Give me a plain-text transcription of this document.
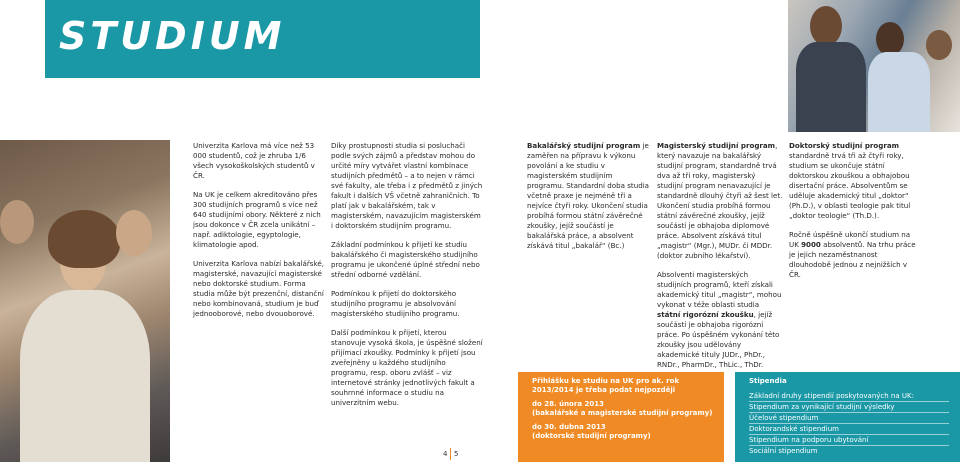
STUDIUM

Univerzita Karlova má více než 53 000 studentů, což je zhruba 1/6 všech vysokoškolských studentů v ČR.

Na UK je celkem akreditováno přes 300 studijních programů s více než 640 studijními obory. Některé z nich jsou dokonce v ČR zcela unikátní – např. adiktologie, egyptologie, klimatologie apod.

Univerzita Karlova nabízí bakalářské, magisterské, navazující magisterské nebo doktorské studium. Forma studia může být prezenční, distanční nebo kombinovaná, studium je buď jednooborové, nebo dvouoborové.

Díky prostupnosti studia si posluchači podle svých zájmů a představ mohou do určité míry vytvářet vlastní kombinace studijních předmětů – a to nejen v rámci své fakulty, ale třeba i z předmětů z jiných fakult i dalších VŠ včetně zahraničních. To platí jak v bakalářském, tak v magisterském, navazujícím magisterském i doktorském studijním programu.

Základní podmínkou k přijetí ke studiu bakalářského či magisterského studijního programu je ukončené úplné střední nebo střední odborné vzdělání.

Podmínkou k přijetí do doktorského studijního programu je absolvování magisterského studijního programu.

Další podmínkou k přijetí, kterou stanovuje vysoká škola, je úspěšné složení přijímací zkoušky. Podmínky k přijetí jsou zveřejněny u každého studijního programu, resp. oboru zvlášť – viz internetové stránky jednotlivých fakult a souhrnné informace o studiu na univerzitním webu.

Bakalářský studijní program je zaměřen na přípravu k výkonu povolání a ke studiu v magisterském studijním programu. Standardní doba studia včetně praxe je nejméně tři a nejvíce čtyři roky. Ukončení studia probíhá formou státní závěrečné zkoušky, jejíž součástí je bakalářská práce, a absolvent získává titul „bakalář“ (Bc.)

Magisterský studijní program, který navazuje na bakalářský studijní program, standardně trvá dva až tři roky, magisterský studijní program nenavazující je standardně dlouhý čtyři až šest let. Ukončení studia probíhá formou státní závěrečné zkoušky, jejíž součástí je obhajoba diplomové práce. Absolvent získává titul „magistr“ (Mgr.), MUDr. či MDDr. (doktor zubního lékařství).

Absolventi magisterských studijních programů, kteří získali akademický titul „magistr“, mohou vykonat v téže oblasti studia státní rigorózní zkoušku, jejíž součástí je obhajoba rigorózní práce. Po úspěšném vykonání této zkoušky jsou udělovány akademické tituly JUDr., PhDr., RNDr., PharmDr., ThLic., ThDr.

Doktorský studijní program standardně trvá tři až čtyři roky, studium se ukončuje státní doktorskou zkouškou a obhajobou disertační práce. Absolventům se uděluje akademický titul „doktor“ (Ph.D.), v oblasti teologie pak titul „doktor teologie“ (Th.D.).

Ročně úspěšně ukončí studium na UK 9000 absolventů. Na trhu práce je jejich nezaměstnanost dlouhodobě jednou z nejnižších v ČR.

Přihlášku ke studiu na UK pro ak. rok
2013/2014 je třeba podat nejpozději
do 28. února 2013
(bakalářské a magisterské studijní programy)
do 30. dubna 2013
(doktorské studijní programy)
Stipendia
Základní druhy stipendií poskytovaných na UK:
Stipendium za vynikající studijní výsledky
Účelové stipendium
Doktorandské stipendium
Stipendium na podporu ubytování
Sociální stipendium
4 5
